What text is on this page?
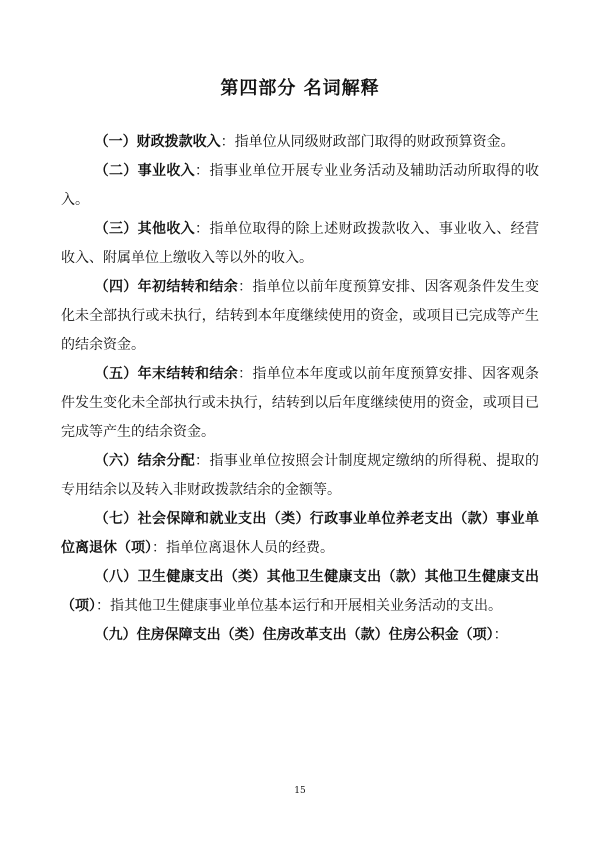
第四部分 名词解释

（一）财政拨款收入：指单位从同级财政部门取得的财政预算资金。

（二）事业收入：指事业单位开展专业业务活动及辅助活动所取得的收入。

（三）其他收入：指单位取得的除上述财政拨款收入、事业收入、经营收入、附属单位上缴收入等以外的收入。

（四）年初结转和结余：指单位以前年度预算安排、因客观条件发生变化未全部执行或未执行，结转到本年度继续使用的资金，或项目已完成等产生的结余资金。

（五）年末结转和结余：指单位本年度或以前年度预算安排、因客观条件发生变化未全部执行或未执行，结转到以后年度继续使用的资金，或项目已完成等产生的结余资金。

（六）结余分配：指事业单位按照会计制度规定缴纳的所得税、提取的专用结余以及转入非财政拨款结余的金额等。

（七）社会保障和就业支出（类）行政事业单位养老支出（款）事业单位离退休（项）：指单位离退休人员的经费。

（八）卫生健康支出（类）其他卫生健康支出（款）其他卫生健康支出（项）：指其他卫生健康事业单位基本运行和开展相关业务活动的支出。

（九）住房保障支出（类）住房改革支出（款）住房公积金（项）：

15
